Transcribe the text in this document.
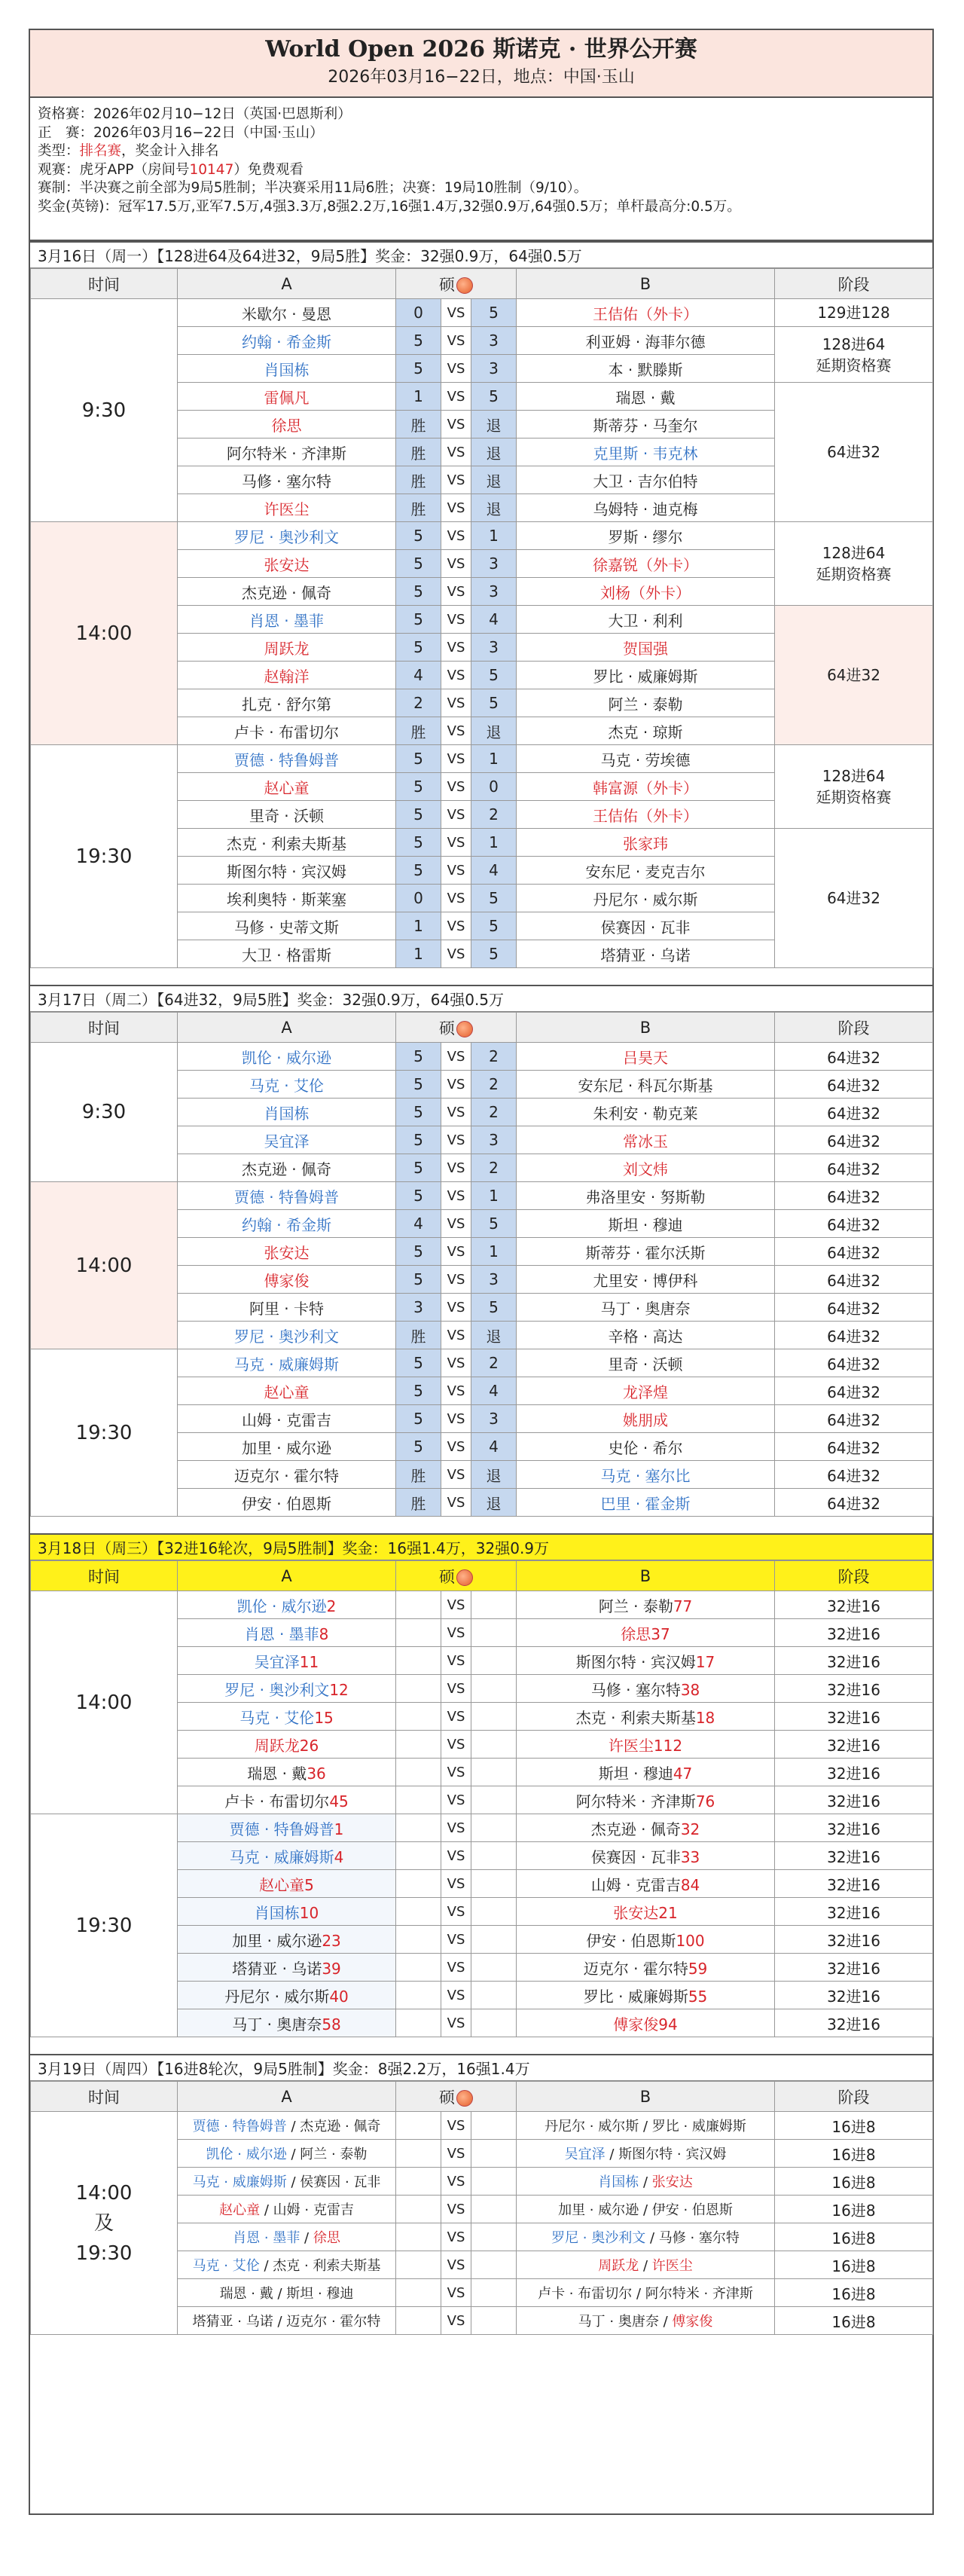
World Open 2026 斯诺克 · 世界公开赛
2026年03月16−22日，地点：中国·玉山
资格赛：2026年02月10−12日（英国·巴恩斯利）
正　赛：2026年03月16−22日（中国·玉山）
类型：排名赛，奖金计入排名
观赛：虎牙APP（房间号10147）免费观看
赛制：半决赛之前全部为9局5胜制；半决赛采用11局6胜；决赛：19局10胜制（9/10）。
奖金(英镑)：冠军17.5万,亚军7.5万,4强3.3万,8强2.2万,16强1.4万,32强0.9万,64强0.5万；单杆最高分:0.5万。
3月16日（周一）【128进64及64进32，9局5胜】奖金：32强0.9万，64强0.5万
时间	A	硕			B	阶段
9:30	米歇尔 · 曼恩	0	VS	5	王佶佑（外卡）	129进128

	约翰 · 希金斯	5	VS	3	利亚姆 · 海菲尔德	128进64
延期资格赛

	肖国栋	5	VS	3	本 · 默滕斯	
	雷佩凡	1	VS	5	瑞恩 · 戴	64进32

	徐思	胜	VS	退	斯蒂芬 · 马奎尔	
	阿尔特米 · 齐津斯	胜	VS	退	克里斯 · 韦克林	
	马修 · 塞尔特	胜	VS	退	大卫 · 吉尔伯特	
	许医尘	胜	VS	退	乌姆特 · 迪克梅	
14:00	罗尼 · 奥沙利文	5	VS	1	罗斯 · 缪尔	128进64
延期资格赛

	张安达	5	VS	3	徐嘉锐（外卡）	
	杰克逊 · 佩奇	5	VS	3	刘杨（外卡）	
	肖恩 · 墨菲	5	VS	4	大卫 · 利利	64进32

	周跃龙	5	VS	3	贺国强	
	赵翰洋	4	VS	5	罗比 · 威廉姆斯	
	扎克 · 舒尔第	2	VS	5	阿兰 · 泰勒	
	卢卡 · 布雷切尔	胜	VS	退	杰克 · 琼斯	
19:30	贾德 · 特鲁姆普	5	VS	1	马克 · 劳埃德	128进64
延期资格赛

	赵心童	5	VS	0	韩富源（外卡）	
	里奇 · 沃顿	5	VS	2	王佶佑（外卡）	
	杰克 · 利索夫斯基	5	VS	1	张家玮	64进32

	斯图尔特 · 宾汉姆	5	VS	4	安东尼 · 麦克吉尔	
	埃利奥特 · 斯莱塞	0	VS	5	丹尼尔 · 威尔斯	
	马修 · 史蒂文斯	1	VS	5	侯赛因 · 瓦非	
	大卫 · 格雷斯	1	VS	5	塔猜亚 · 乌诺	
3月17日（周二）【64进32，9局5胜】奖金：32强0.9万，64强0.5万
时间	A	硕			B	阶段
9:30	凯伦 · 威尔逊	5	VS	2	吕昊天	64进32
	马克 · 艾伦	5	VS	2	安东尼 · 科瓦尔斯基	64进32
	肖国栋	5	VS	2	朱利安 · 勒克莱	64进32
	吴宜泽	5	VS	3	常冰玉	64进32
	杰克逊 · 佩奇	5	VS	2	刘文炜	64进32
14:00	贾德 · 特鲁姆普	5	VS	1	弗洛里安 · 努斯勒	64进32
	约翰 · 希金斯	4	VS	5	斯坦 · 穆迪	64进32
	张安达	5	VS	1	斯蒂芬 · 霍尔沃斯	64进32
	傅家俊	5	VS	3	尤里安 · 博伊科	64进32
	阿里 · 卡特	3	VS	5	马丁 · 奥唐奈	64进32
	罗尼 · 奥沙利文	胜	VS	退	辛格 · 高达	64进32
19:30	马克 · 威廉姆斯	5	VS	2	里奇 · 沃顿	64进32
	赵心童	5	VS	4	龙泽煌	64进32
	山姆 · 克雷吉	5	VS	3	姚朋成	64进32
	加里 · 威尔逊	5	VS	4	史伦 · 希尔	64进32
	迈克尔 · 霍尔特	胜	VS	退	马克 · 塞尔比	64进32
	伊安 · 伯恩斯	胜	VS	退	巴里 · 霍金斯	64进32
3月18日（周三）【32进16轮次，9局5胜制】奖金：16强1.4万，32强0.9万
时间	A	硕			B	阶段
14:00	凯伦 · 威尔逊2		VS		阿兰 · 泰勒77	32进16
	肖恩 · 墨菲8		VS		徐思37	32进16
	吴宜泽11		VS		斯图尔特 · 宾汉姆17	32进16
	罗尼 · 奥沙利文12		VS		马修 · 塞尔特38	32进16
	马克 · 艾伦15		VS		杰克 · 利索夫斯基18	32进16
	周跃龙26		VS		许医尘112	32进16
	瑞恩 · 戴36		VS		斯坦 · 穆迪47	32进16
	卢卡 · 布雷切尔45		VS		阿尔特米 · 齐津斯76	32进16
19:30	贾德 · 特鲁姆普1		VS		杰克逊 · 佩奇32	32进16
	马克 · 威廉姆斯4		VS		侯赛因 · 瓦非33	32进16
	赵心童5		VS		山姆 · 克雷吉84	32进16
	肖国栋10		VS		张安达21	32进16
	加里 · 威尔逊23		VS		伊安 · 伯恩斯100	32进16
	塔猜亚 · 乌诺39		VS		迈克尔 · 霍尔特59	32进16
	丹尼尔 · 威尔斯40		VS		罗比 · 威廉姆斯55	32进16
	马丁 · 奥唐奈58		VS		傅家俊94	32进16
3月19日（周四）【16进8轮次，9局5胜制】奖金：8强2.2万，16强1.4万
时间	A	硕			B	阶段

14:00
及
19:30	贾德 · 特鲁姆普 / 杰克逊 · 佩奇		VS		丹尼尔 · 威尔斯 / 罗比 · 威廉姆斯	16进8
	凯伦 · 威尔逊 / 阿兰 · 泰勒		VS		吴宜泽 / 斯图尔特 · 宾汉姆	16进8
	马克 · 威廉姆斯 / 侯赛因 · 瓦非		VS		肖国栋 / 张安达	16进8
	赵心童 / 山姆 · 克雷吉		VS		加里 · 威尔逊 / 伊安 · 伯恩斯	16进8
	肖恩 · 墨菲 / 徐思		VS		罗尼 · 奥沙利文 / 马修 · 塞尔特	16进8
	马克 · 艾伦 / 杰克 · 利索夫斯基		VS		周跃龙 / 许医尘	16进8
	瑞恩 · 戴 / 斯坦 · 穆迪		VS		卢卡 · 布雷切尔 / 阿尔特米 · 齐津斯	16进8
	塔猜亚 · 乌诺 / 迈克尔 · 霍尔特		VS		马丁 · 奥唐奈 / 傅家俊	16进8
